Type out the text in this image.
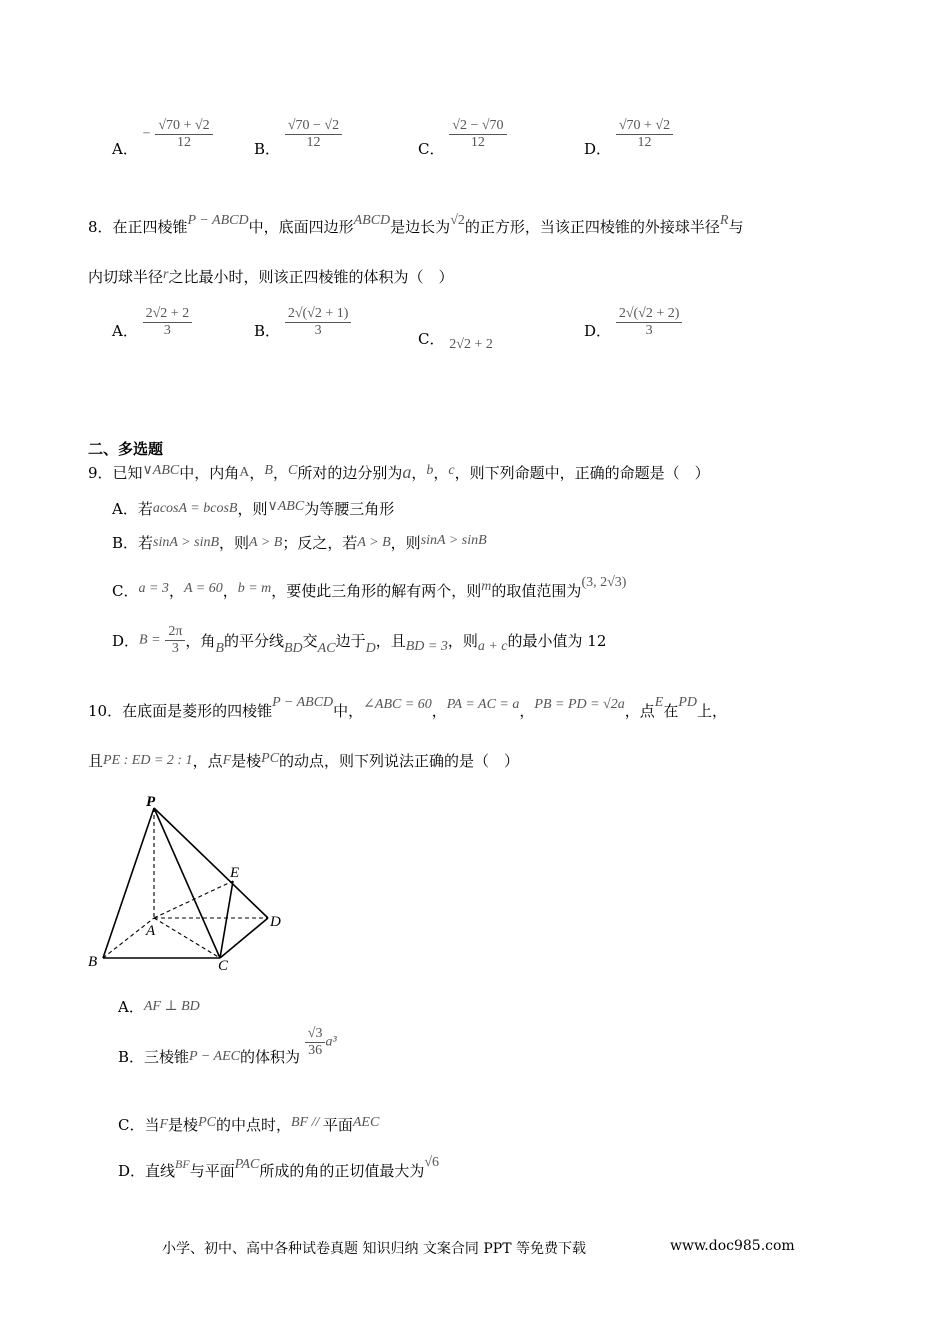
A． − $\frac{√70 + √2}{12}$	B． $\frac{√70 - √2}{12}$	C． $\frac{√2 - √70}{12}$	D． $\frac{√70 + √2}{12}$
8．在正四棱锥P − ABCD中，底面四边形ABCD是边长为√2的正方形，当该正四棱锥的外接球半径R与
内切球半径r之比最小时，则该正四棱锥的体积为（　）
A． $\frac{2√2 + 2}{3}$	B． $\frac{2√(√2 + 1)}{3}$	C． 2√2 + 2
D． $\frac{2√(√2 + 2)}{3}$
二、多选题
9．已知∨ABC中，内角A，B，C所对的边分别为a，b，c，则下列命题中，正确的命题是（　）
A．若acosA = bcosB，则∨ABC为等腰三角形
B．若sinA > sinB，则A > B；反之，若A > B，则sinA > sinB
C．a = 3，A = 60，b = m，要使此三角形的解有两个，则m的取值范围为(3, 2√3)
D．$B = \frac{2\pi}{3}$ ，角B的平分线BD交AC边于D，且BD = 3，则a + c的最小值为 12
10．在底面是菱形的四棱锥P − ABCD中，∠ABC = 60，PA = AC = a，PB = PD = √2a，点E在PD上，
且PE : ED = 2 : 1，点F是棱PC的动点，则下列说法正确的是（　）
P
E
A
D
B	C
A．AF ⊥ BD
B．三棱锥P − AEC的体积为 $\frac{√3}{36} a^3$
C．当F是棱PC的中点时，BF // 平面AEC
D．直线$^{BF}$与平面PAC所成的角的正切值最大为√6
小学、初中、高中各种试卷真题 知识归纳 文案合同 PPT 等免费下载	www.doc985.com
